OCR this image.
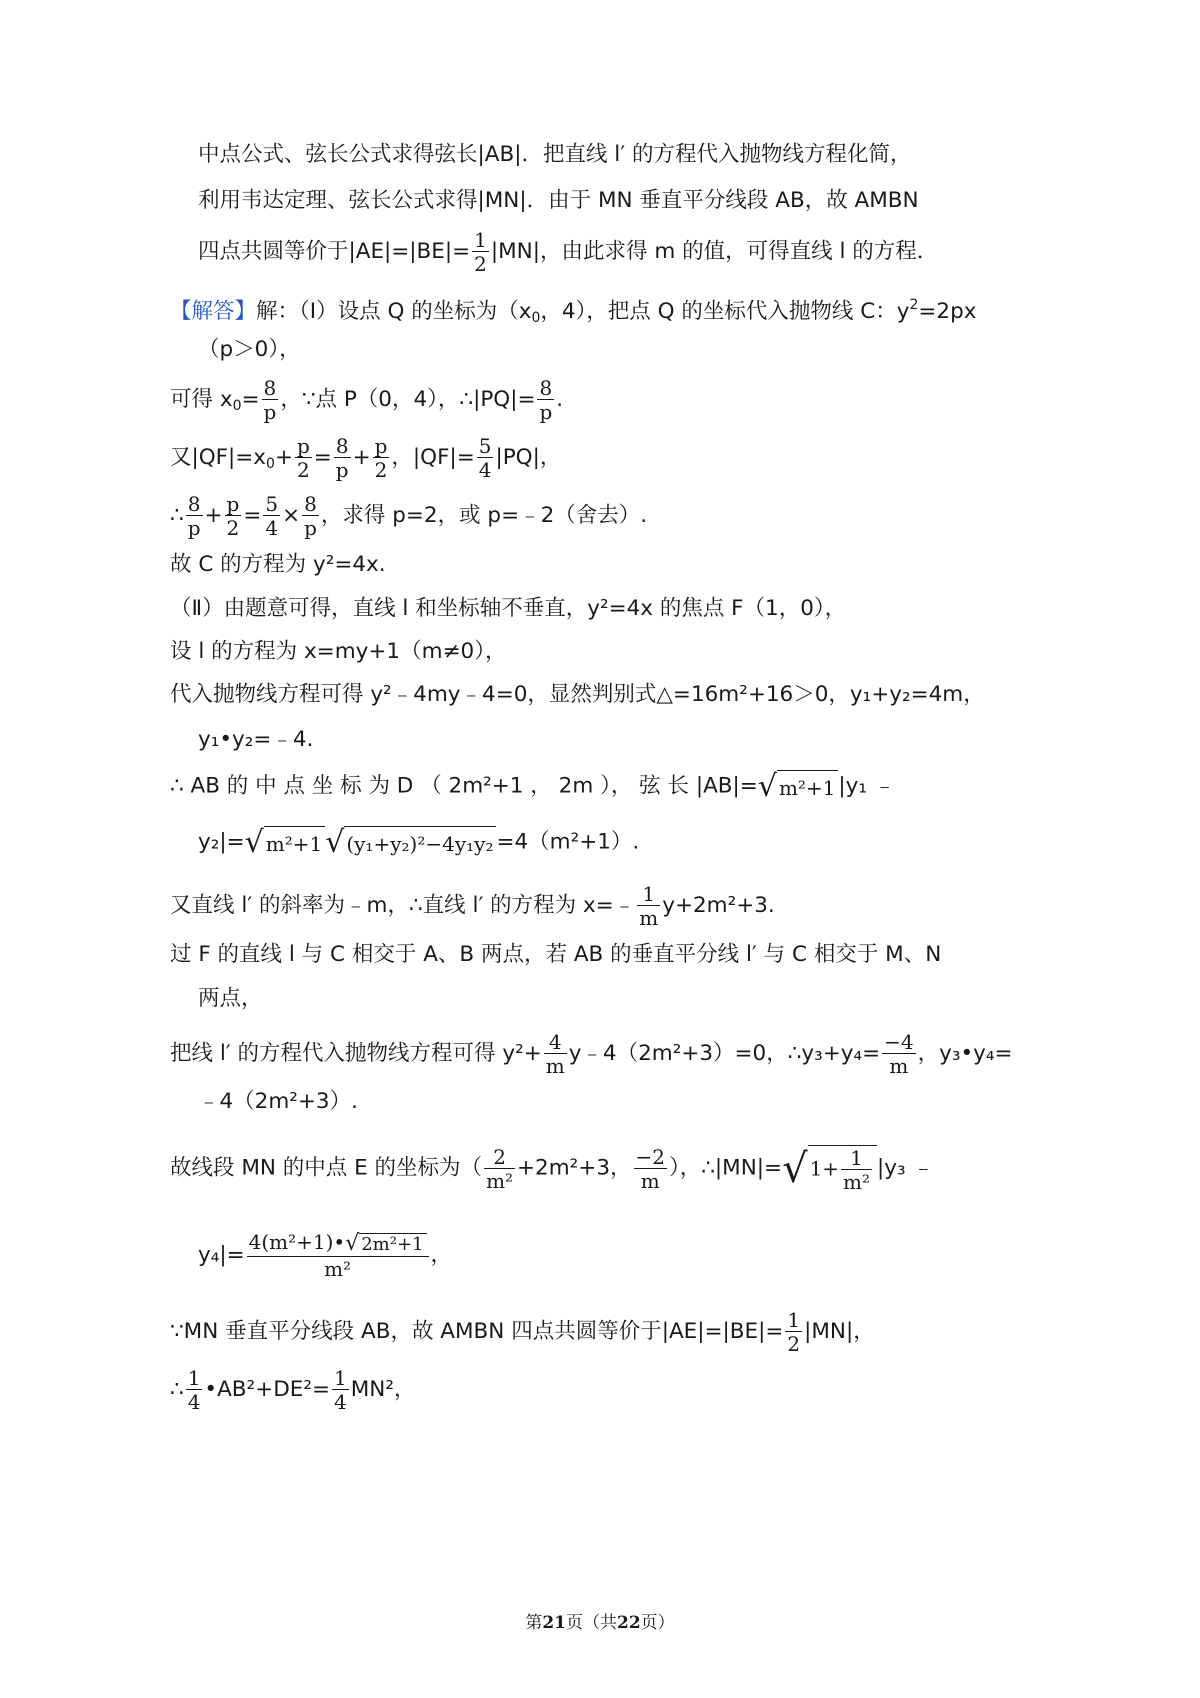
中点公式、弦长公式求得弦长|AB|．把直线 l′ 的方程代入抛物线方程化简，
利用韦达定理、弦长公式求得|MN|．由于 MN 垂直平分线段 AB，故 AMBN
四点共圆等价于$|AE|=|BE|= \frac{1}{2} |MN|$，由此求得 m 的值，可得直线 l 的方程．
【解答】解：（Ⅰ）设点 Q 的坐标为（$x_0$，4），把点 Q 的坐标代入抛物线 C：$y^2=2px$
（p＞0），
可得 $x_0= \frac{8}{p}$ ，∵点 P（0，4），∴|PQ|= $\frac{8}{p}$ .
又$|QF|=x_0+ \frac{p}{2} = \frac{8}{p} + \frac{p}{2}$ ，$|QF|= \frac{5}{4} |PQ|$，
∴ $\frac{8}{p} + \frac{p}{2} = \frac{5}{4} \times \frac{8}{p}$ ，求得 p=2，或 p=﹣2（舍去）.
故 C 的方程为 y²=4x.
（Ⅱ）由题意可得，直线 l 和坐标轴不垂直，y²=4x 的焦点 F（1，0），
设 l 的方程为 x=my+1（m≠0），
代入抛物线方程可得 y²﹣4my﹣4=0，显然判别式△=16m²+16＞0，y₁+y₂=4m，
y₁•y₂=﹣4.
∴ AB 的 中 点 坐 标 为 D （ 2m²+1 ， 2m ）， 弦 长 |AB|=√ m²+1 |y₁ ﹣
y₂|=√ m²+1 √ (y₁+y₂)²−4y₁y₂ =4（m²+1）.
又直线 l′ 的斜率为﹣m，∴直线 l′ 的方程为 x=﹣ $\frac{1}{m} y+2m^2+3$.
过 F 的直线 l 与 C 相交于 A、B 两点，若 AB 的垂直平分线 l′ 与 C 相交于 M、N
两点，
把线 l′ 的方程代入抛物线方程可得 $y^2+ \frac{4}{m}$ y﹣4（2m²+3）=0，∴y₃+y₄= $\frac{-4}{m}$ ，y₃•y₄=
﹣4（2m²+3）.
故线段 MN 的中点 E 的坐标为（ $\frac{2}{\text{m²}} +2m^2+3$， $\frac{-2}{m}$ ），∴|MN|=√ $1+ \frac{1}{\text{m²}} |y_3$ ﹣
$y_4|= \frac{\text{4(m²+1)•√ 2m²+1}}{\text{m²}}$ ，
∵MN 垂直平分线段 AB，故 AMBN 四点共圆等价于$|AE|=|BE|= \frac{1}{2} |MN|$，
∴ $\frac{1}{4}$ •AB²+DE²= $\frac{1}{4} MN^2$，
第21页（共22页）
